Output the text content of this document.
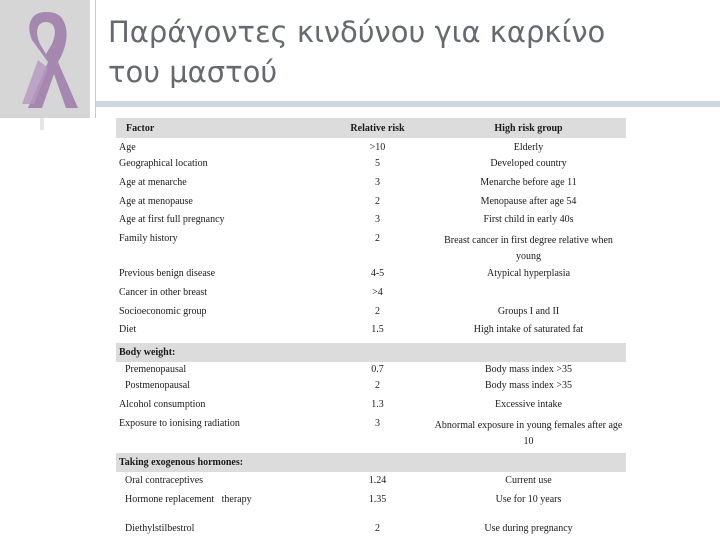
Παράγοντες κινδύνου για καρκίνο
του μαστού
Factor	Relative risk	High risk group
Age	>10	Elderly
Geographical location	5	Developed country
Age at menarche	3	Menarche before age 11
Age at menopause	2	Menopause after age 54
Age at first full pregnancy	3	First child in early 40s
Family history	2	Breast cancer in first degree relative when young
Previous benign disease	4-5	Atypical hyperplasia
Cancer in other breast	>4	
Socioeconomic group	2	Groups I and II
Diet	1.5	High intake of saturated fat
Body weight:		
Premenopausal	0.7	Body mass index >35
Postmenopausal	2	Body mass index >35
Alcohol consumption	1.3	Excessive intake
Exposure to ionising radiation	3	Abnormal exposure in young females after age 10
Taking exogenous hormones:		
Oral contraceptives	1.24	Current use
Hormone replacement   therapy	1.35	Use for 10 years
Diethylstilbestrol	2	Use during pregnancy
